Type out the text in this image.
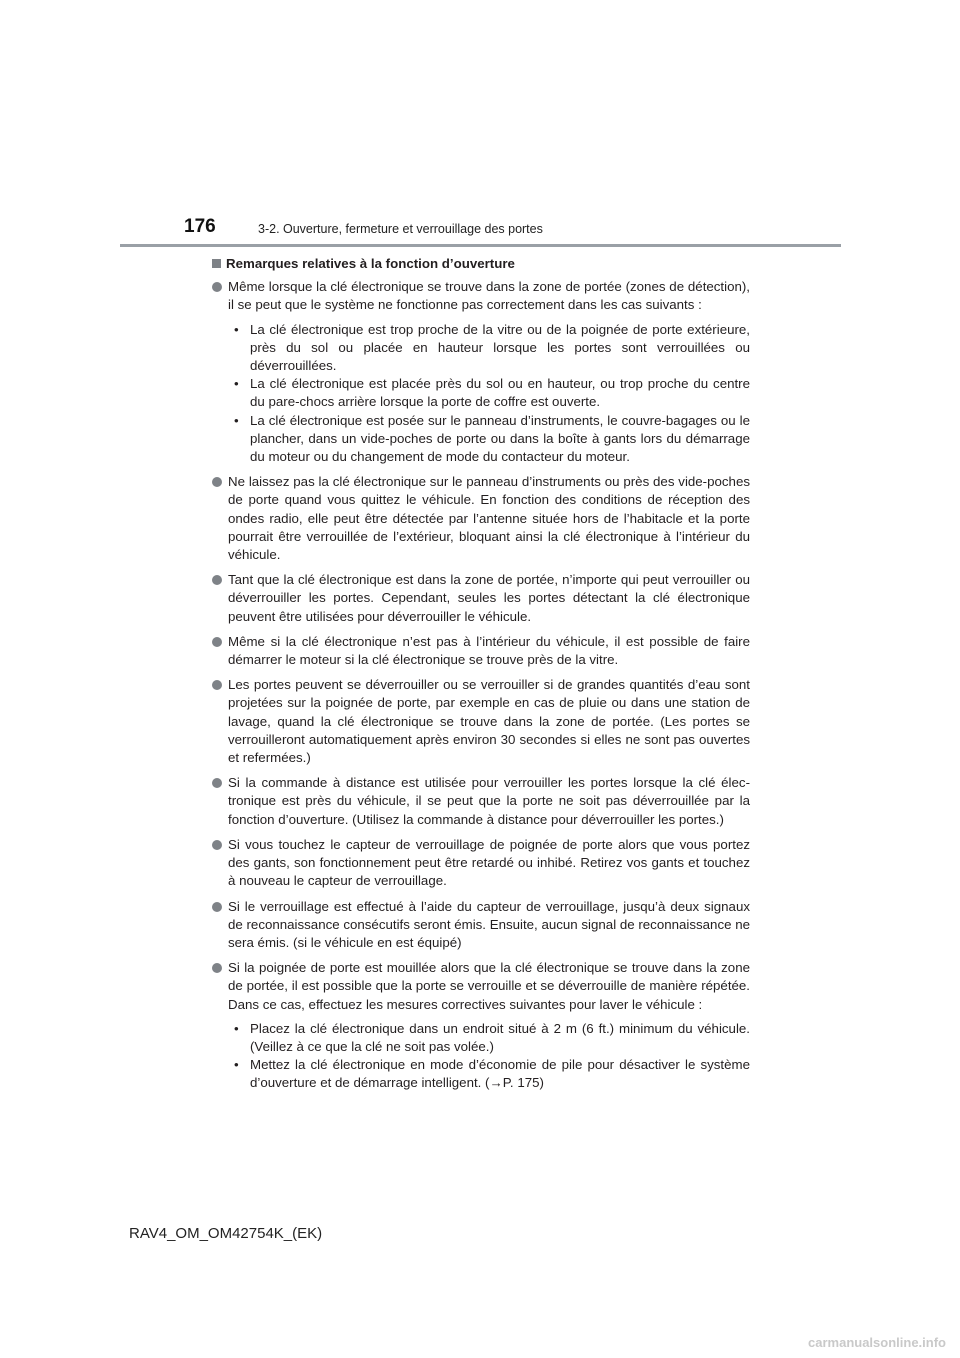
176	3-2. Ouverture, fermeture et verrouillage des portes
Remarques relatives à la fonction d’ouverture

Même lorsque la clé électronique se trouve dans la zone de portée (zones de détection), il se peut que le système ne fonctionne pas correctement dans les cas suivants :

• La clé électronique est trop proche de la vitre ou de la poignée de porte extérieure, près du sol ou placée en hauteur lorsque les portes sont verrouillées ou déverrouillées.
• La clé électronique est placée près du sol ou en hauteur, ou trop proche du centre du pare-chocs arrière lorsque la porte de coffre est ouverte.
• La clé électronique est posée sur le panneau d’instruments, le couvre-bagages ou le plancher, dans un vide-poches de porte ou dans la boîte à gants lors du démarrage du moteur ou du changement de mode du contacteur du moteur.

Ne laissez pas la clé électronique sur le panneau d’instruments ou près des vide-poches de porte quand vous quittez le véhicule. En fonction des conditions de réception des ondes radio, elle peut être détectée par l’antenne située hors de l’habitacle et la porte pourrait être verrouillée de l’extérieur, bloquant ainsi la clé électronique à l’intérieur du véhicule.

Tant que la clé électronique est dans la zone de portée, n’importe qui peut verrouiller ou déverrouiller les portes. Cependant, seules les portes détectant la clé électronique peuvent être utilisées pour déverrouiller le véhicule.

Même si la clé électronique n’est pas à l’intérieur du véhicule, il est possible de faire démarrer le moteur si la clé électronique se trouve près de la vitre.

Les portes peuvent se déverrouiller ou se verrouiller si de grandes quantités d’eau sont projetées sur la poignée de porte, par exemple en cas de pluie ou dans une station de lavage, quand la clé électronique se trouve dans la zone de portée. (Les portes se verrouilleront automatiquement après environ 30 secondes si elles ne sont pas ouvertes et refermées.)

Si la commande à distance est utilisée pour verrouiller les portes lorsque la clé électronique est près du véhicule, il se peut que la porte ne soit pas déverrouillée par la fonction d’ouverture. (Utilisez la commande à distance pour déverrouiller les portes.)

Si vous touchez le capteur de verrouillage de poignée de porte alors que vous portez des gants, son fonctionnement peut être retardé ou inhibé. Retirez vos gants et touchez à nouveau le capteur de verrouillage.

Si le verrouillage est effectué à l’aide du capteur de verrouillage, jusqu’à deux signaux de reconnaissance consécutifs seront émis. Ensuite, aucun signal de reconnaissance ne sera émis. (si le véhicule en est équipé)

Si la poignée de porte est mouillée alors que la clé électronique se trouve dans la zone de portée, il est possible que la porte se verrouille et se déverrouille de manière répétée. Dans ce cas, effectuez les mesures correctives suivantes pour laver le véhicule :

• Placez la clé électronique dans un endroit situé à 2 m (6 ft.) minimum du véhicule. (Veillez à ce que la clé ne soit pas volée.)
• Mettez la clé électronique en mode d’économie de pile pour désactiver le système d’ouverture et de démarrage intelligent. (→P. 175)
RAV4_OM_OM42754K_(EK)
carmanualsonline.info
